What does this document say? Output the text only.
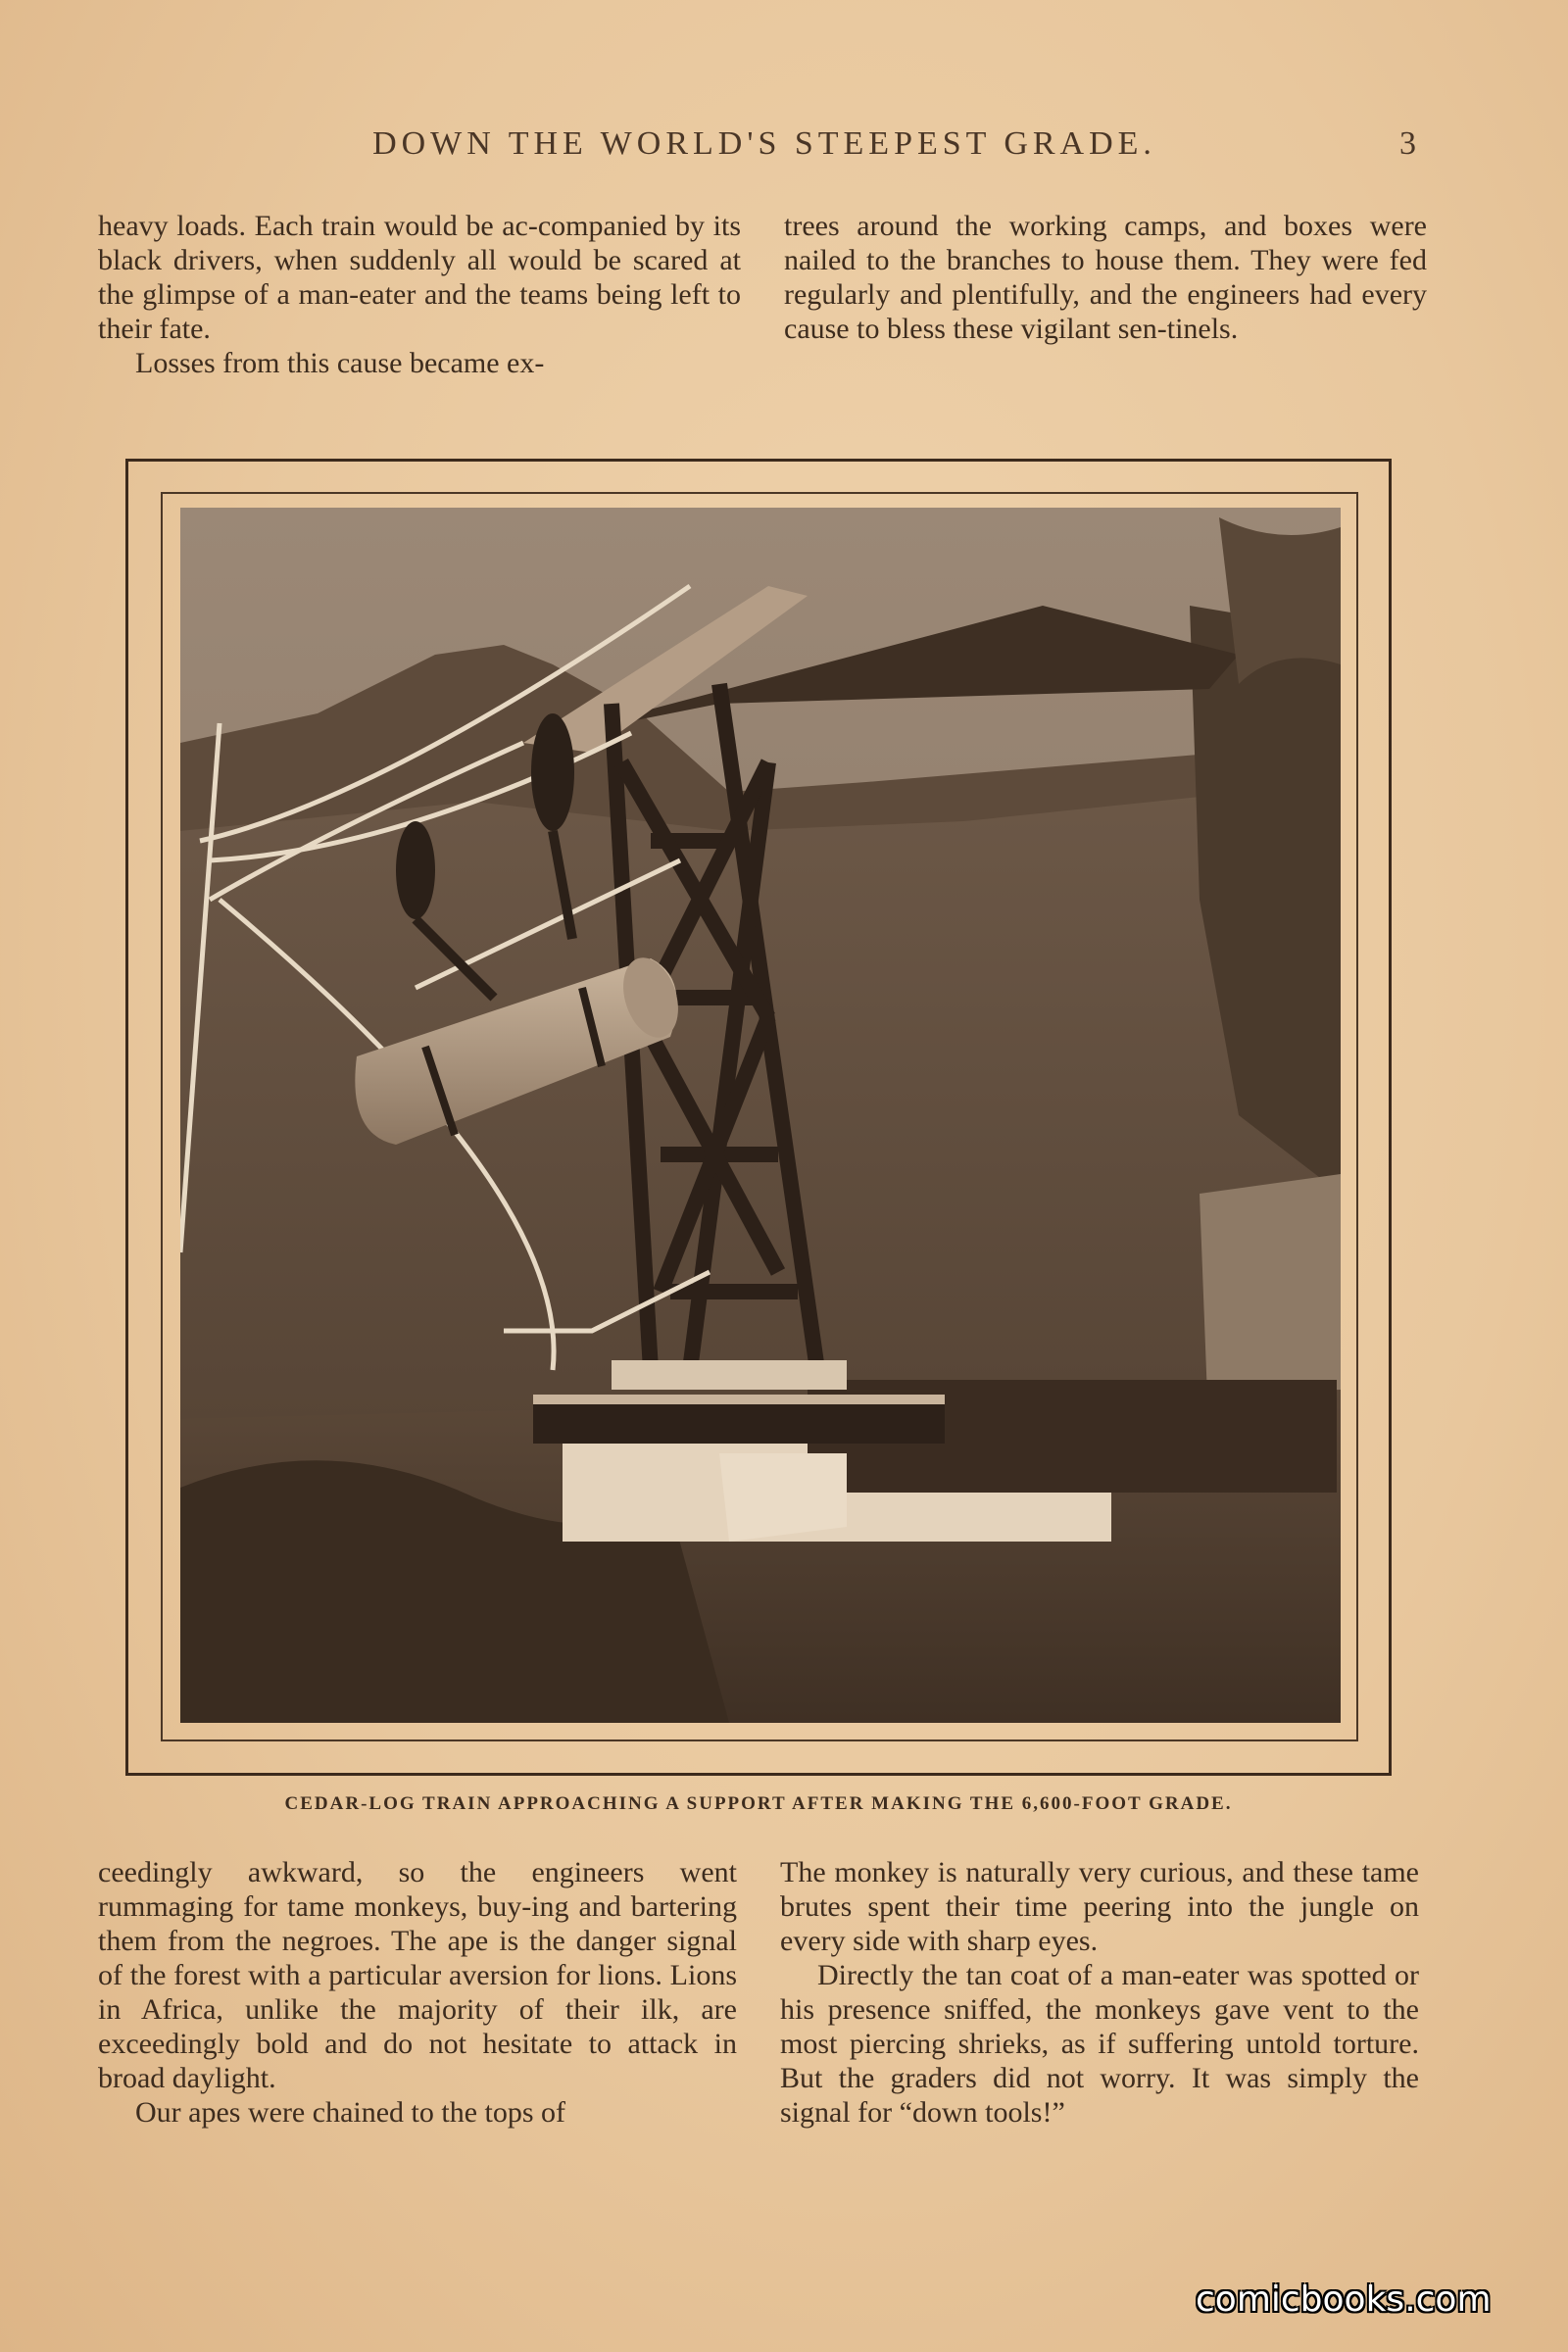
DOWN THE WORLD'S STEEPEST GRADE.	3

heavy loads. Each train would be ac-companied by its black drivers, when suddenly all would be scared at the glimpse of a man-eater and the teams being left to their fate.

Losses from this cause became ex-

trees around the working camps, and boxes were nailed to the branches to house them. They were fed regularly and plentifully, and the engineers had every cause to bless these vigilant sen-tinels.

CEDAR-LOG TRAIN APPROACHING A SUPPORT AFTER MAKING THE 6,600-FOOT GRADE.

ceedingly awkward, so the engineers went rummaging for tame monkeys, buy-ing and bartering them from the negroes. The ape is the danger signal of the forest with a particular aversion for lions. Lions in Africa, unlike the majority of their ilk, are exceedingly bold and do not hesitate to attack in broad daylight.

Our apes were chained to the tops of

The monkey is naturally very curious, and these tame brutes spent their time peering into the jungle on every side with sharp eyes.

Directly the tan coat of a man-eater was spotted or his presence sniffed, the monkeys gave vent to the most piercing shrieks, as if suffering untold torture. But the graders did not worry. It was simply the signal for “down tools!”

comicbooks.com
